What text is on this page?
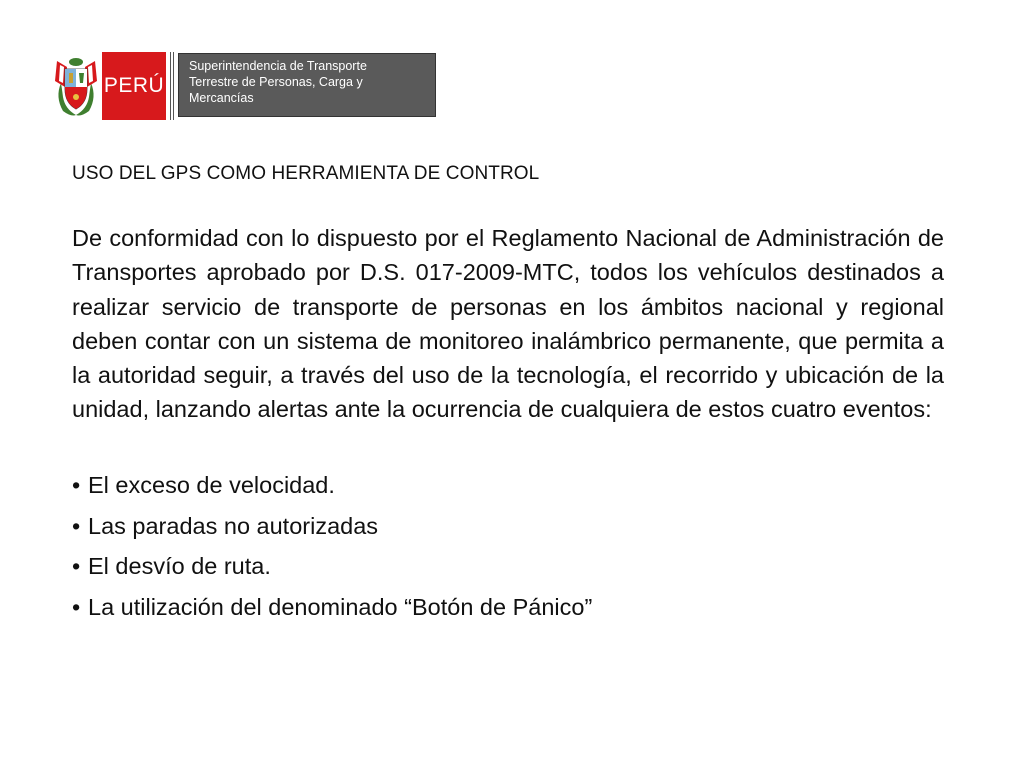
PERÚ
Superintendencia de Transporte
Terrestre de Personas, Carga y
Mercancías
USO DEL GPS COMO HERRAMIENTA DE CONTROL

De conformidad con lo dispuesto por el Reglamento Nacional de Administración de Transportes aprobado por D.S. 017-2009-MTC, todos los vehículos destinados a realizar servicio de transporte de personas en los ámbitos nacional y regional deben contar con un sistema de monitoreo inalámbrico permanente, que permita a la autoridad seguir, a través del uso de la tecnología, el recorrido y ubicación de la unidad, lanzando alertas ante la ocurrencia de cualquiera de estos cuatro eventos:

• El exceso de velocidad.
• Las paradas no autorizadas
• El desvío de ruta.
• La utilización del denominado “Botón de Pánico”
